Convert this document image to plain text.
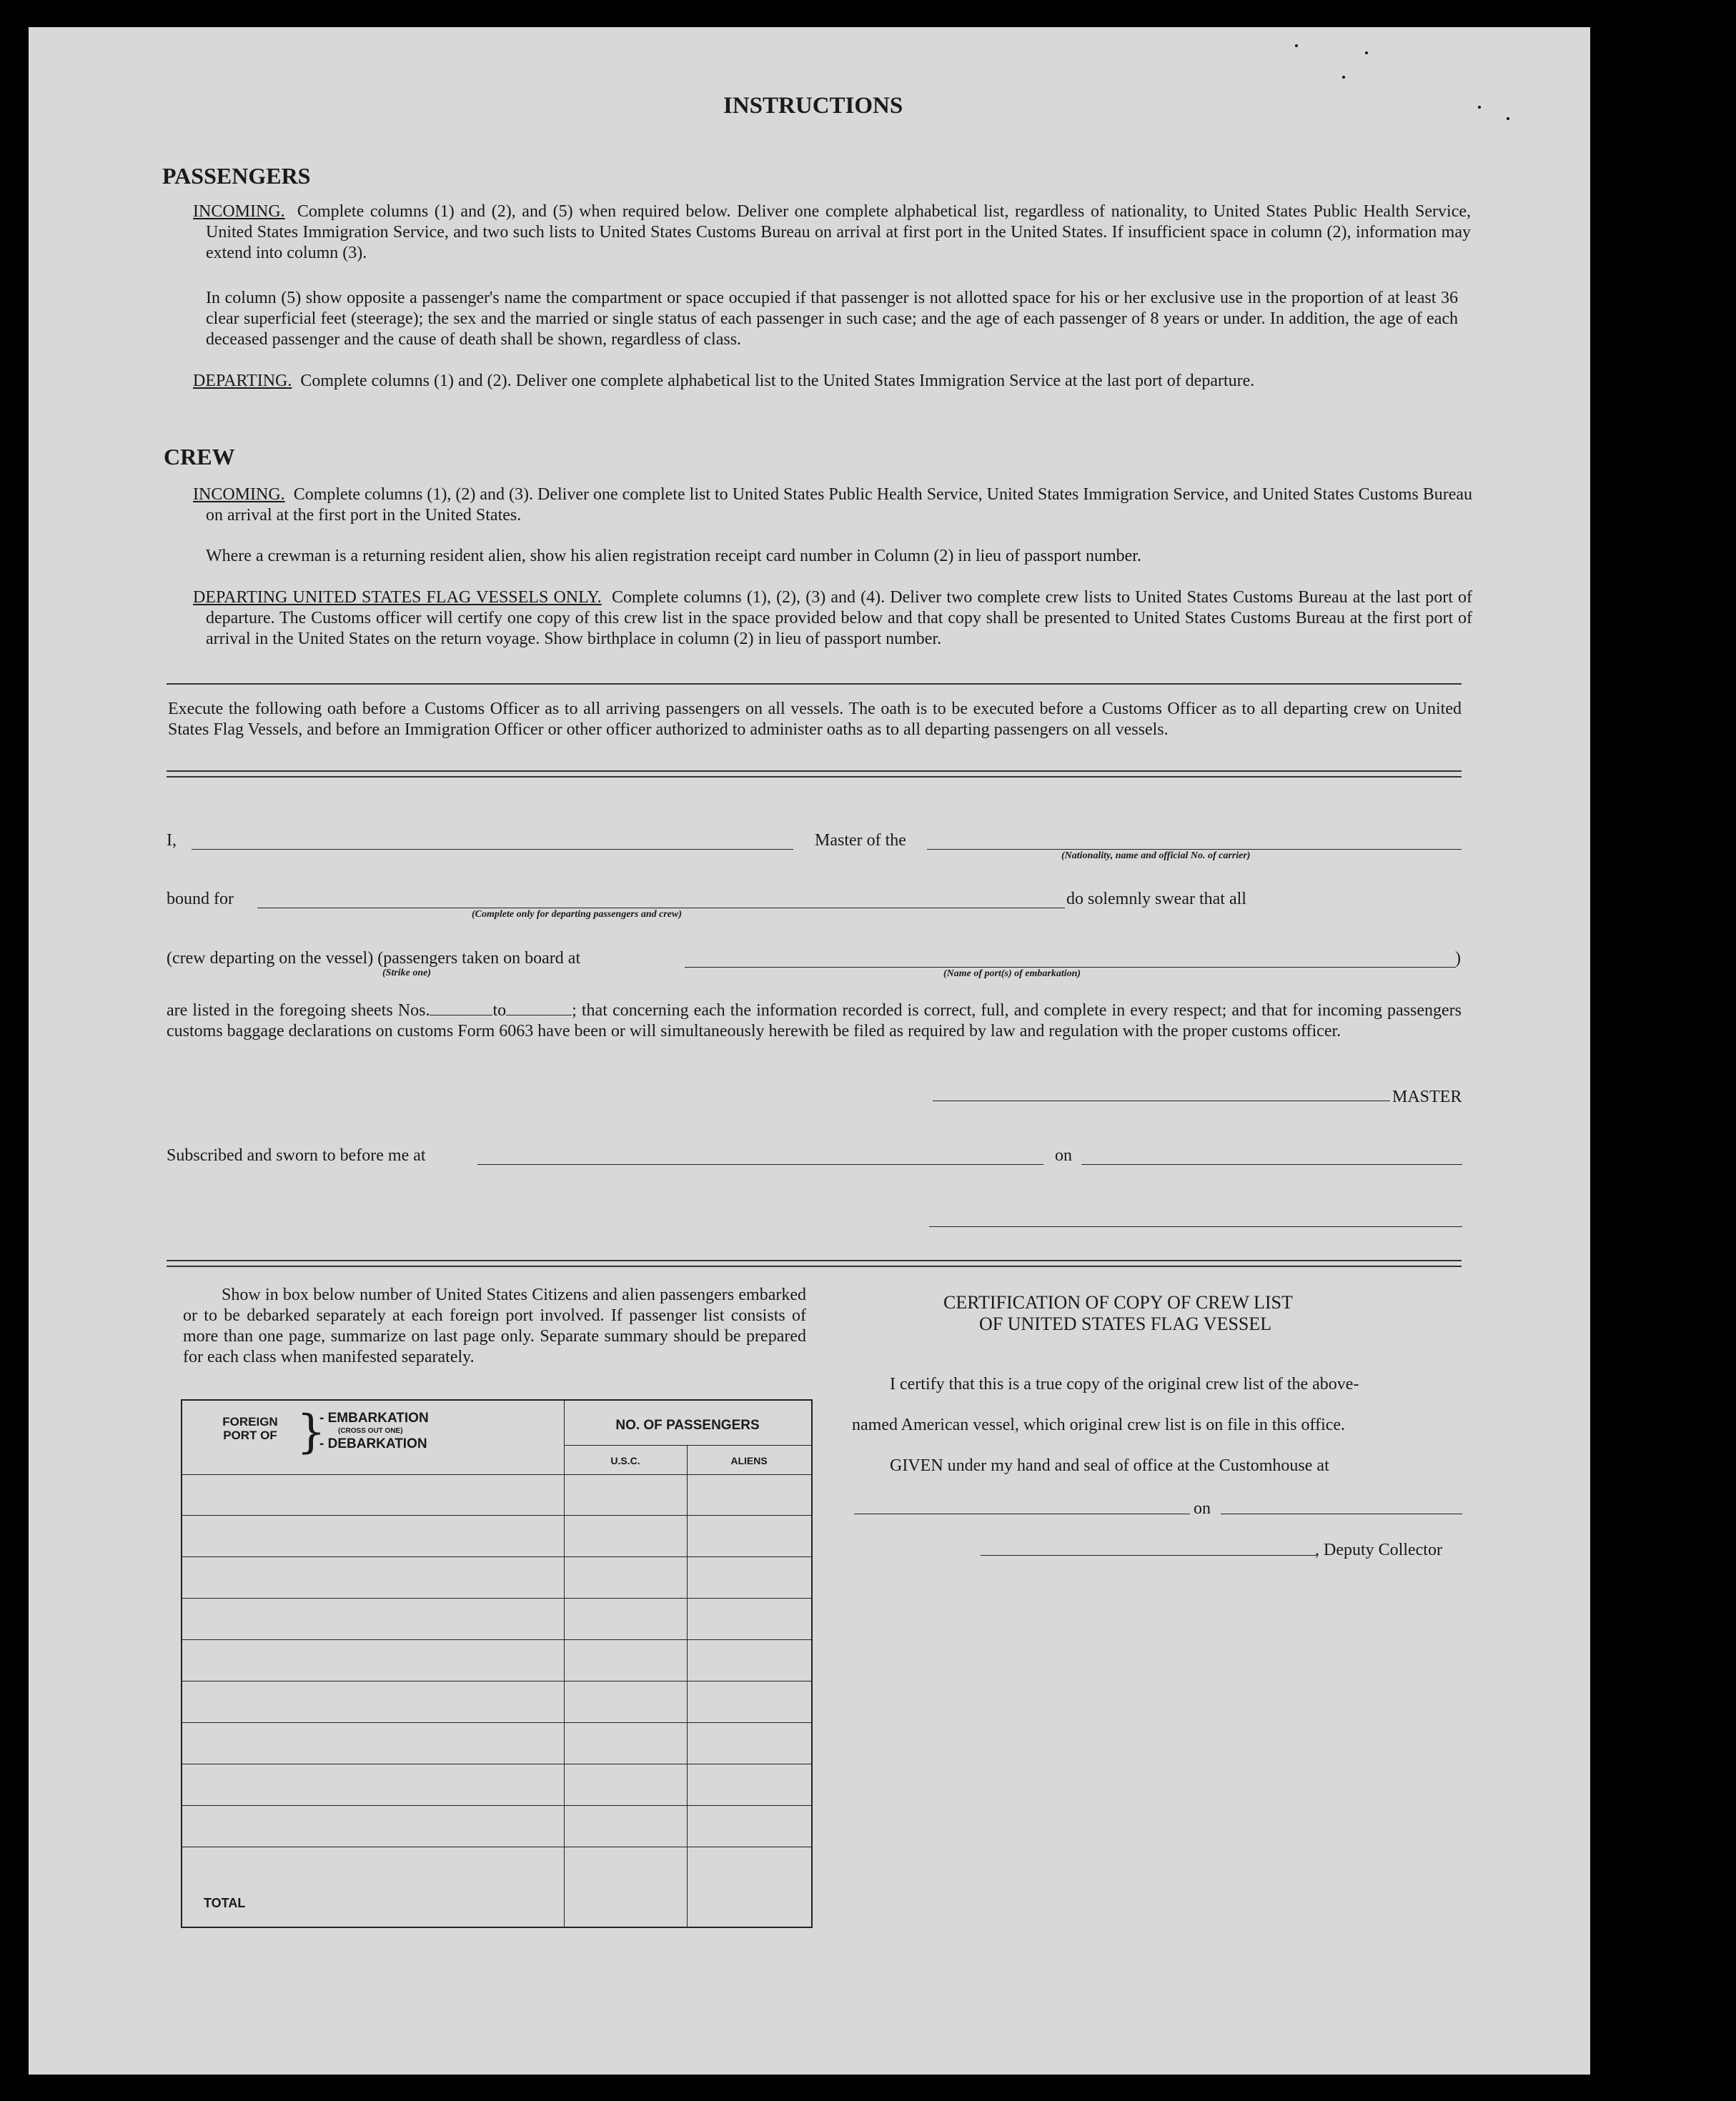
INSTRUCTIONS
PASSENGERS
INCOMING. Complete columns (1) and (2), and (5) when required below. Deliver one complete alphabetical list, regardless of nationality, to United States Public Health Service, United States Immigration Service, and two such lists to United States Customs Bureau on arrival at first port in the United States. If insufficient space in column (2), information may extend into column (3).
In column (5) show opposite a passenger's name the compartment or space occupied if that passenger is not allotted space for his or her exclusive use in the proportion of at least 36 clear superficial feet (steerage); the sex and the married or single status of each passenger in such case; and the age of each passenger of 8 years or under. In addition, the age of each deceased passenger and the cause of death shall be shown, regardless of class.
DEPARTING. Complete columns (1) and (2). Deliver one complete alphabetical list to the United States Immigration Service at the last port of departure.
CREW
INCOMING. Complete columns (1), (2) and (3). Deliver one complete list to United States Public Health Service, United States Immigration Service, and United States Customs Bureau on arrival at the first port in the United States.
Where a crewman is a returning resident alien, show his alien registration receipt card number in Column (2) in lieu of passport number.
DEPARTING UNITED STATES FLAG VESSELS ONLY. Complete columns (1), (2), (3) and (4). Deliver two complete crew lists to United States Customs Bureau at the last port of departure. The Customs officer will certify one copy of this crew list in the space provided below and that copy shall be presented to United States Customs Bureau at the first port of arrival in the United States on the return voyage. Show birthplace in column (2) in lieu of passport number.
Execute the following oath before a Customs Officer as to all arriving passengers on all vessels. The oath is to be executed before a Customs Officer as to all departing crew on United States Flag Vessels, and before an Immigration Officer or other officer authorized to administer oaths as to all departing passengers on all vessels.
I,	Master of the
(Nationality, name and official No. of carrier)
bound for
(Complete only for departing passengers and crew)
do solemnly swear that all
(crew departing on the vessel) (passengers taken on board at
(Strike one)	(Name of port(s) of embarkation)
)
are listed in the foregoing sheets Nos.	to	; that concerning each the information recorded is correct, full, and complete in every respect; and that for incoming passengers customs baggage declarations on customs Form 6063 have been or will simultaneously herewith be filed as required by law and regulation with the proper customs officer.
MASTER
Subscribed and sworn to before me at	on
Show in box below number of United States Citizens and alien passengers embarked or to be debarked separately at each foreign port involved. If passenger list consists of more than one page, summarize on last page only. Separate summary should be prepared for each class when manifested separately.
FOREIGN PORT OF }
- EMBARKATION
(CROSS OUT ONE)
- DEBARKATION
NO. OF PASSENGERS
U.S.C.	ALIENS
TOTAL
CERTIFICATION OF COPY OF CREW LIST
OF UNITED STATES FLAG VESSEL
I certify that this is a true copy of the original crew list of the above-
named American vessel, which original crew list is on file in this office.
GIVEN under my hand and seal of office at the Customhouse at
on
, Deputy Collector
